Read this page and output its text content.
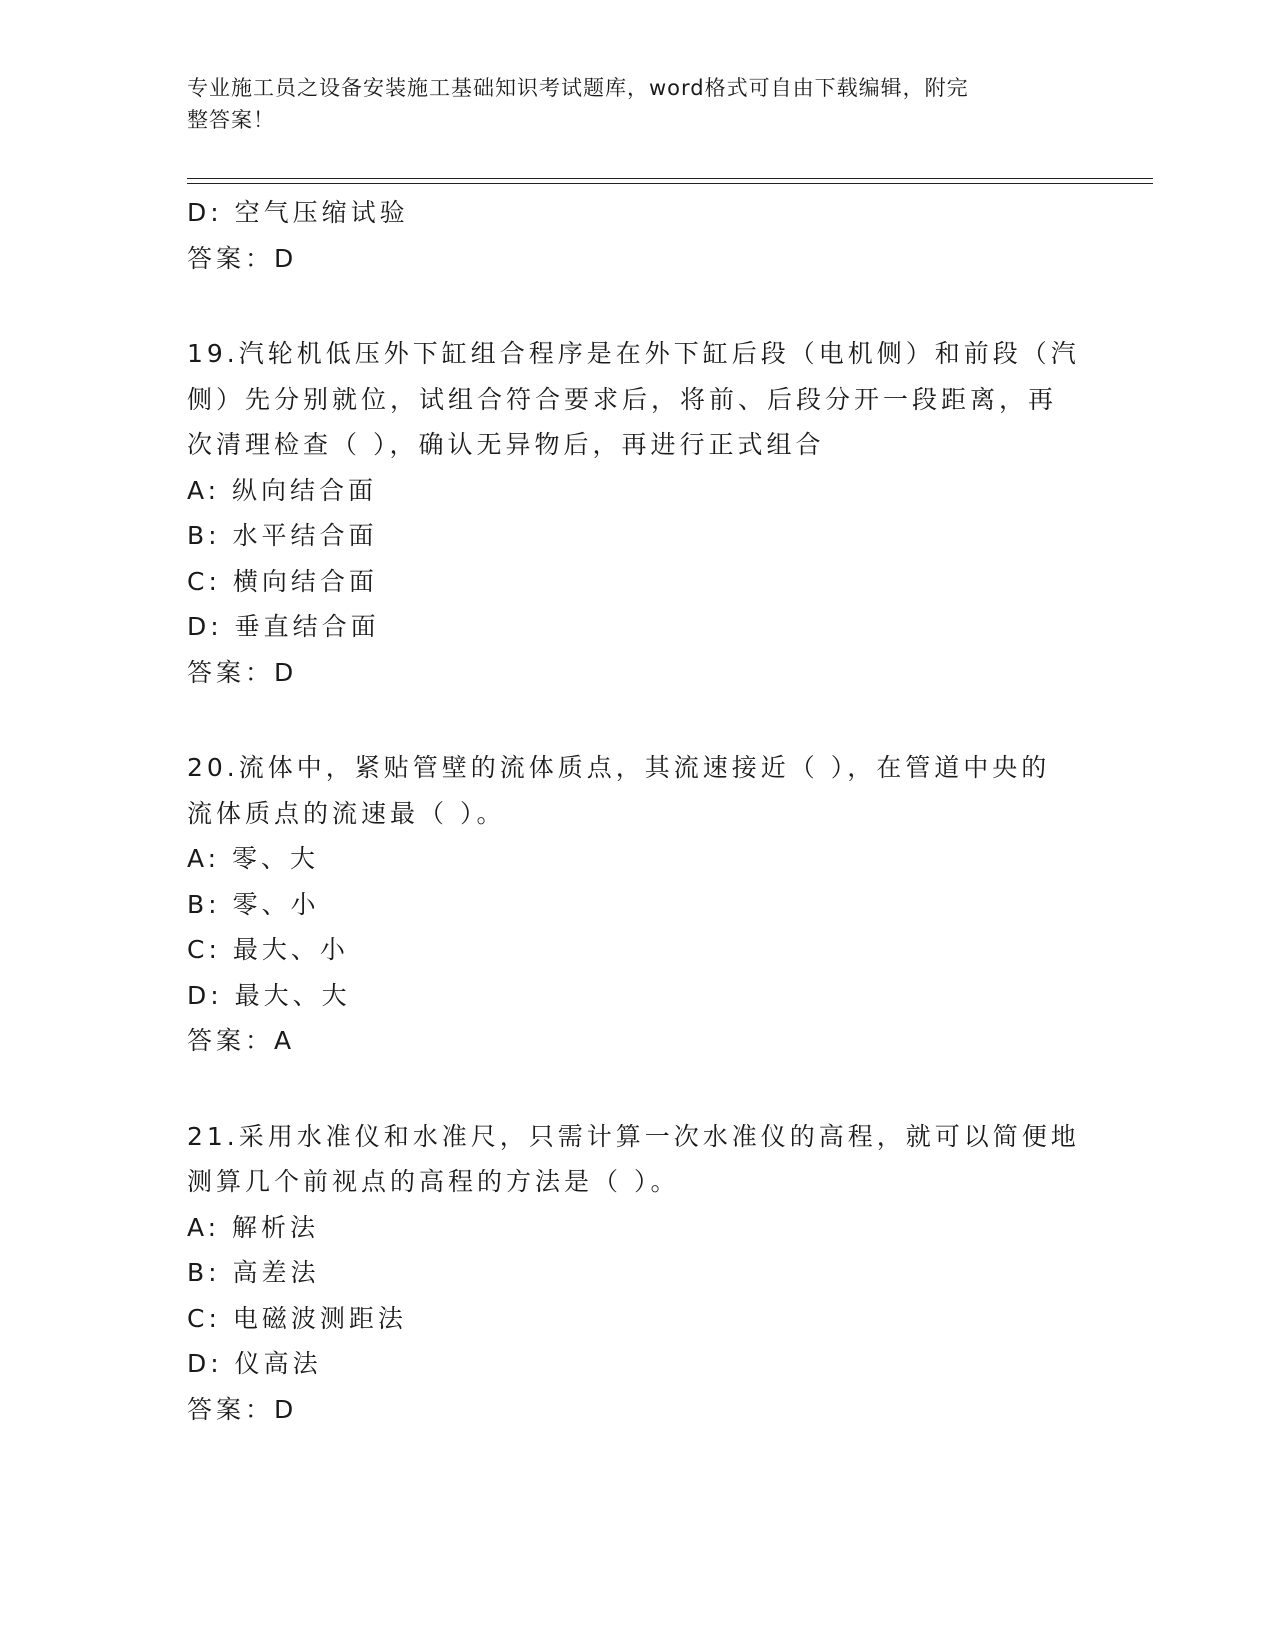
专业施工员之设备安装施工基础知识考试题库，word格式可自由下载编辑，附完
整答案！
D: 空气压缩试验
答案：D
19.汽轮机低压外下缸组合程序是在外下缸后段（电机侧）和前段（汽
侧）先分别就位，试组合符合要求后，将前、后段分开一段距离，再
次清理检查（ ），确认无异物后，再进行正式组合
A: 纵向结合面
B: 水平结合面
C: 横向结合面
D: 垂直结合面
答案：D
20.流体中，紧贴管壁的流体质点，其流速接近（ ），在管道中央的
流体质点的流速最（ ）。
A: 零、大
B: 零、小
C: 最大、小
D: 最大、大
答案：A
21.采用水准仪和水准尺，只需计算一次水准仪的高程，就可以简便地
测算几个前视点的高程的方法是（ ）。
A: 解析法
B: 高差法
C: 电磁波测距法
D: 仪高法
答案：D
